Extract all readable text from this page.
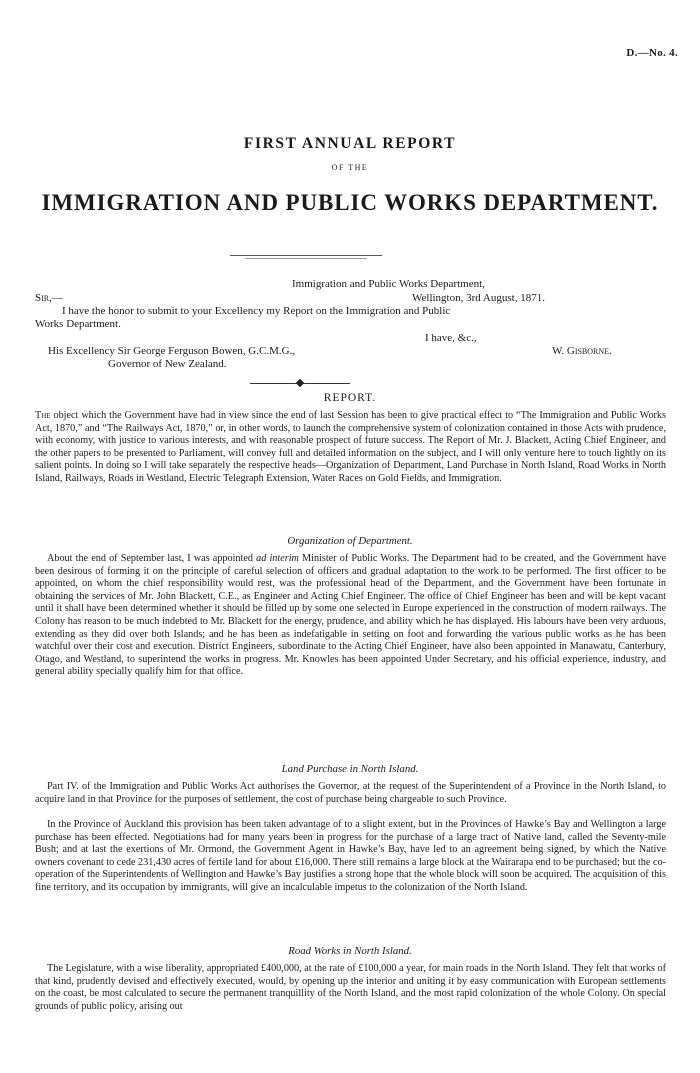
D.—No. 4.
FIRST ANNUAL REPORT
OF THE
IMMIGRATION AND PUBLIC WORKS DEPARTMENT.
Immigration and Public Works Department,
Sir,—	Wellington, 3rd August, 1871.
I have the honor to submit to your Excellency my Report on the Immigration and Public
Works Department.
I have, &c.,
His Excellency Sir George Ferguson Bowen, G.C.M.G.,	W. Gisborne.
Governor of New Zealand.
REPORT.

The object which the Government have had in view since the end of last Session has been to give practical effect to “The Immigration and Public Works Act, 1870,” and “The Railways Act, 1870,” or, in other words, to launch the comprehensive system of colonization contained in those Acts with prudence, with economy, with justice to various interests, and with reasonable prospect of future success. The Report of Mr. J. Blackett, Acting Chief Engineer, and the other papers to be presented to Parliament, will convey full and detailed information on the subject, and I will only venture here to touch lightly on its salient points. In doing so I will take separately the respective heads—Organization of Department, Land Purchase in North Island, Road Works in North Island, Railways, Roads in Westland, Electric Telegraph Extension, Water Races on Gold Fields, and Immigration.

Organization of Department.

About the end of September last, I was appointed ad interim Minister of Public Works. The Department had to be created, and the Government have been desirous of forming it on the principle of careful selection of officers and gradual adaptation to the work to be performed. The first officer to be appointed, on whom the chief responsibility would rest, was the professional head of the Department, and the Government have been fortunate in obtaining the services of Mr. John Blackett, C.E., as Engineer and Acting Chief Engineer. The office of Chief Engineer has been and will be kept vacant until it shall have been determined whether it should be filled up by some one selected in Europe experienced in the construction of modern railways. The Colony has reason to be much indebted to Mr. Blackett for the energy, prudence, and ability which he has displayed. His labours have been very arduous, extending as they did over both Islands; and he has been as indefatigable in setting on foot and forwarding the various public works as he has been watchful over their cost and execution. District Engineers, subordinate to the Acting Chief Engineer, have also been appointed in Manawatu, Canterbury, Otago, and Westland, to superintend the works in progress. Mr. Knowles has been appointed Under Secretary, and his official experience, industry, and general ability specially qualify him for that office.

Land Purchase in North Island.

Part IV. of the Immigration and Public Works Act authorises the Governor, at the request of the Superintendent of a Province in the North Island, to acquire land in that Province for the purposes of settlement, the cost of purchase being chargeable to such Province.

In the Province of Auckland this provision has been taken advantage of to a slight extent, but in the Provinces of Hawke’s Bay and Wellington a large purchase has been effected. Negotiations had for many years been in progress for the purchase of a large tract of Native land, called the Seventy-mile Bush; and at last the exertions of Mr. Ormond, the Government Agent in Hawke’s Bay, have led to an agreement being signed, by which the Native owners covenant to cede 231,430 acres of fertile land for about £16,000. There still remains a large block at the Wairarapa end to be purchased; but the co-operation of the Superintendents of Wellington and Hawke’s Bay justifies a strong hope that the whole block will soon be acquired. The acquisition of this fine territory, and its occupation by immigrants, will give an incalculable impetus to the colonization of the North Island.

Road Works in North Island.

The Legislature, with a wise liberality, appropriated £400,000, at the rate of £100,000 a year, for main roads in the North Island. They felt that works of that kind, prudently devised and effectively executed, would, by opening up the interior and uniting it by easy communication with European settlements on the coast, be most calculated to secure the permanent tranquillity of the North Island, and the most rapid colonization of the whole Colony. On special grounds of public policy, arising out
